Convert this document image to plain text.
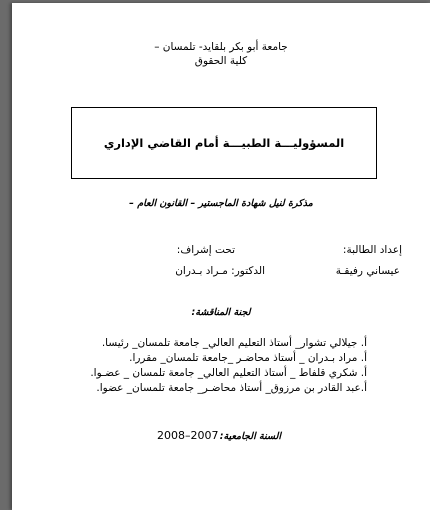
جامعة أبو بكر بلقايد- تلمسان –
كلية الحقوق
المسؤوليـــة الطبيـــة أمام القاضي الإداري
مذكرة لنيل شهادة الماجستير – القانون العام –
إعداد الطالبة:
عيساني رفيقـة
تحت إشراف:
الدكتور: مـراد بـدران
لجنة المناقشة:
أ. جيلالي تشوار_ أستاذ التعليم العالي_ جامعة تلمسان_ رئيسا.
أ. مراد بـدران _ أستاذ محاضـر _جامعة تلمسان_ مقررا.
أ. شكري قلفاط _ أستاذ التعليم العالي_ جامعة تلمسان _ عضـوا.
أ.عبد القادر بن مرزوق_ أستاذ محاضـر_ جامعة تلمسان_ عضوا.
السنة الجامعية:
2008–2007
